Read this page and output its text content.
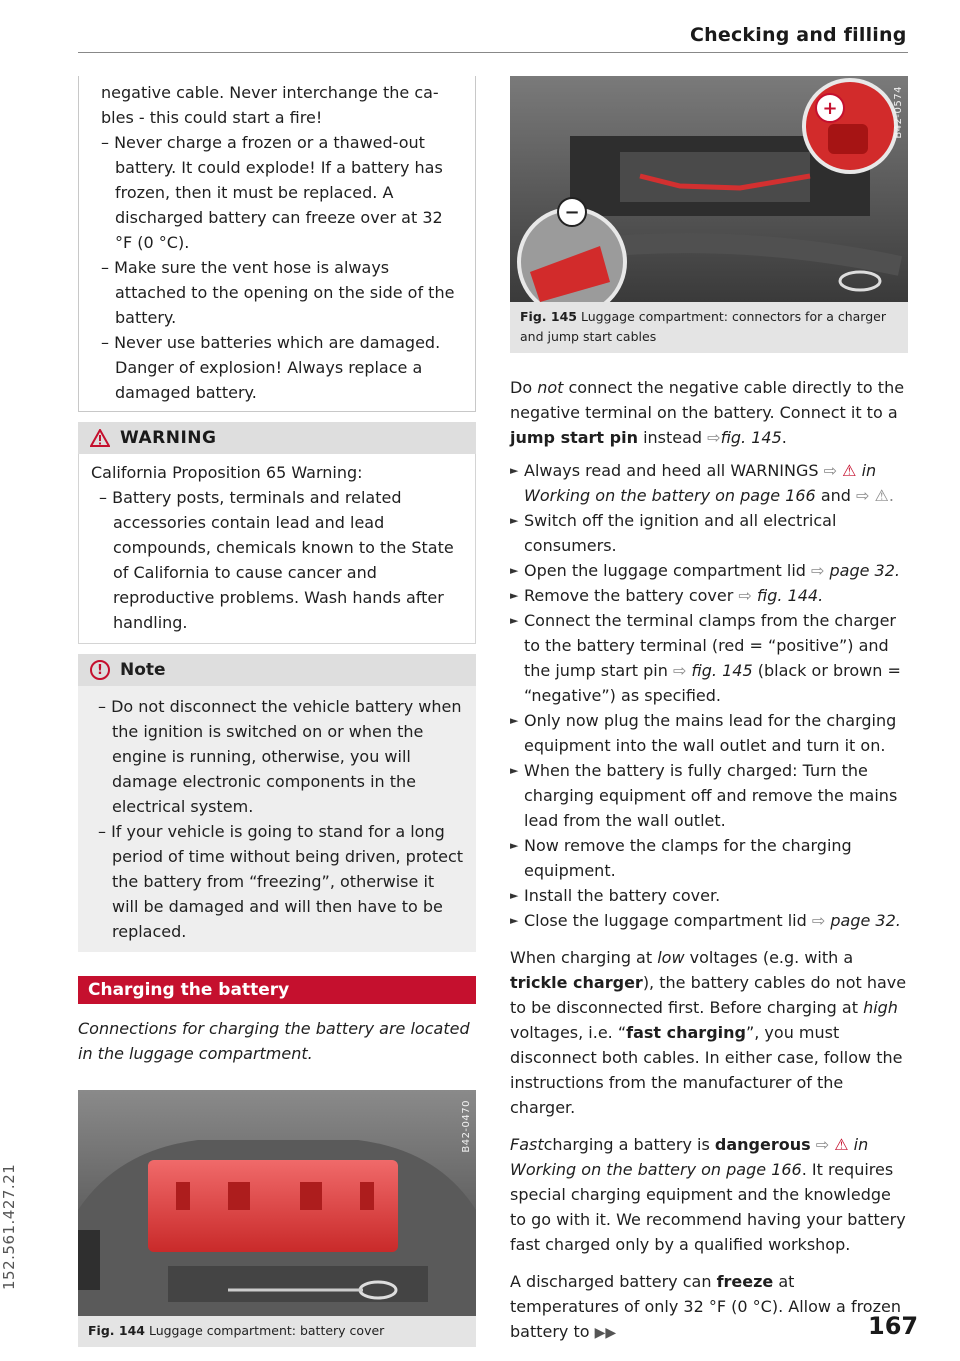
Checking and filling
152.561.427.21

negative cable. Never interchange the ca-

bles - this could start a fire!

– Never charge a frozen or a thawed-out battery. It could explode! If a battery has frozen, then it must be replaced. A discharged battery can freeze over at 32 °F (0 °C).
– Make sure the vent hose is always attached to the opening on the side of the battery.
– Never use batteries which are damaged. Danger of explosion! Always replace a damaged battery.
WARNING

California Proposition 65 Warning:

– Battery posts, terminals and related accessories contain lead and lead compounds, chemicals known to the State of California to cause cancer and reproductive problems. Wash hands after handling.
!	Note
– Do not disconnect the vehicle battery when the ignition is switched on or when the engine is running, otherwise, you will damage electronic components in the electrical system.
– If your vehicle is going to stand for a long period of time without being driven, protect the battery from “freezing”, otherwise it will be damaged and will then have to be replaced.
Charging the battery

Connections for charging the battery are located in the luggage compartment.

B42-0470
Fig. 144 Luggage compartment: battery cover
+
−
B42-0574
Fig. 145 Luggage compartment: connectors for a charger and jump start cables

Do not connect the negative cable directly to the negative terminal on the battery. Connect it to a jump start pin instead ⇨fig. 145.

► Always read and heed all WARNINGS ⇨ ⚠ in Working on the battery on page 166 and ⇨ ⚠.
► Switch off the ignition and all electrical consumers.
► Open the luggage compartment lid ⇨ page 32.
► Remove the battery cover ⇨ fig. 144.
► Connect the terminal clamps from the charger to the battery terminal (red = “positive”) and the jump start pin ⇨ fig. 145 (black or brown = “negative”) as specified.
► Only now plug the mains lead for the charging equipment into the wall outlet and turn it on.
► When the battery is fully charged: Turn the charging equipment off and remove the mains lead from the wall outlet.
► Now remove the clamps for the charging equipment.
► Install the battery cover.
► Close the luggage compartment lid ⇨ page 32.

When charging at low voltages (e.g. with a trickle charger), the battery cables do not have to be disconnected first. Before charging at high voltages, i.e. “fast charging”, you must disconnect both cables. In either case, follow the instructions from the manufacturer of the charger.

Fastcharging a battery is dangerous ⇨ ⚠ in Working on the battery on page 166. It requires special charging equipment and the knowledge to go with it. We recommend having your battery fast charged only by a qualified workshop.

A discharged battery can freeze at temperatures of only 32 °F (0 °C). Allow a frozen battery to ▶▶	167
